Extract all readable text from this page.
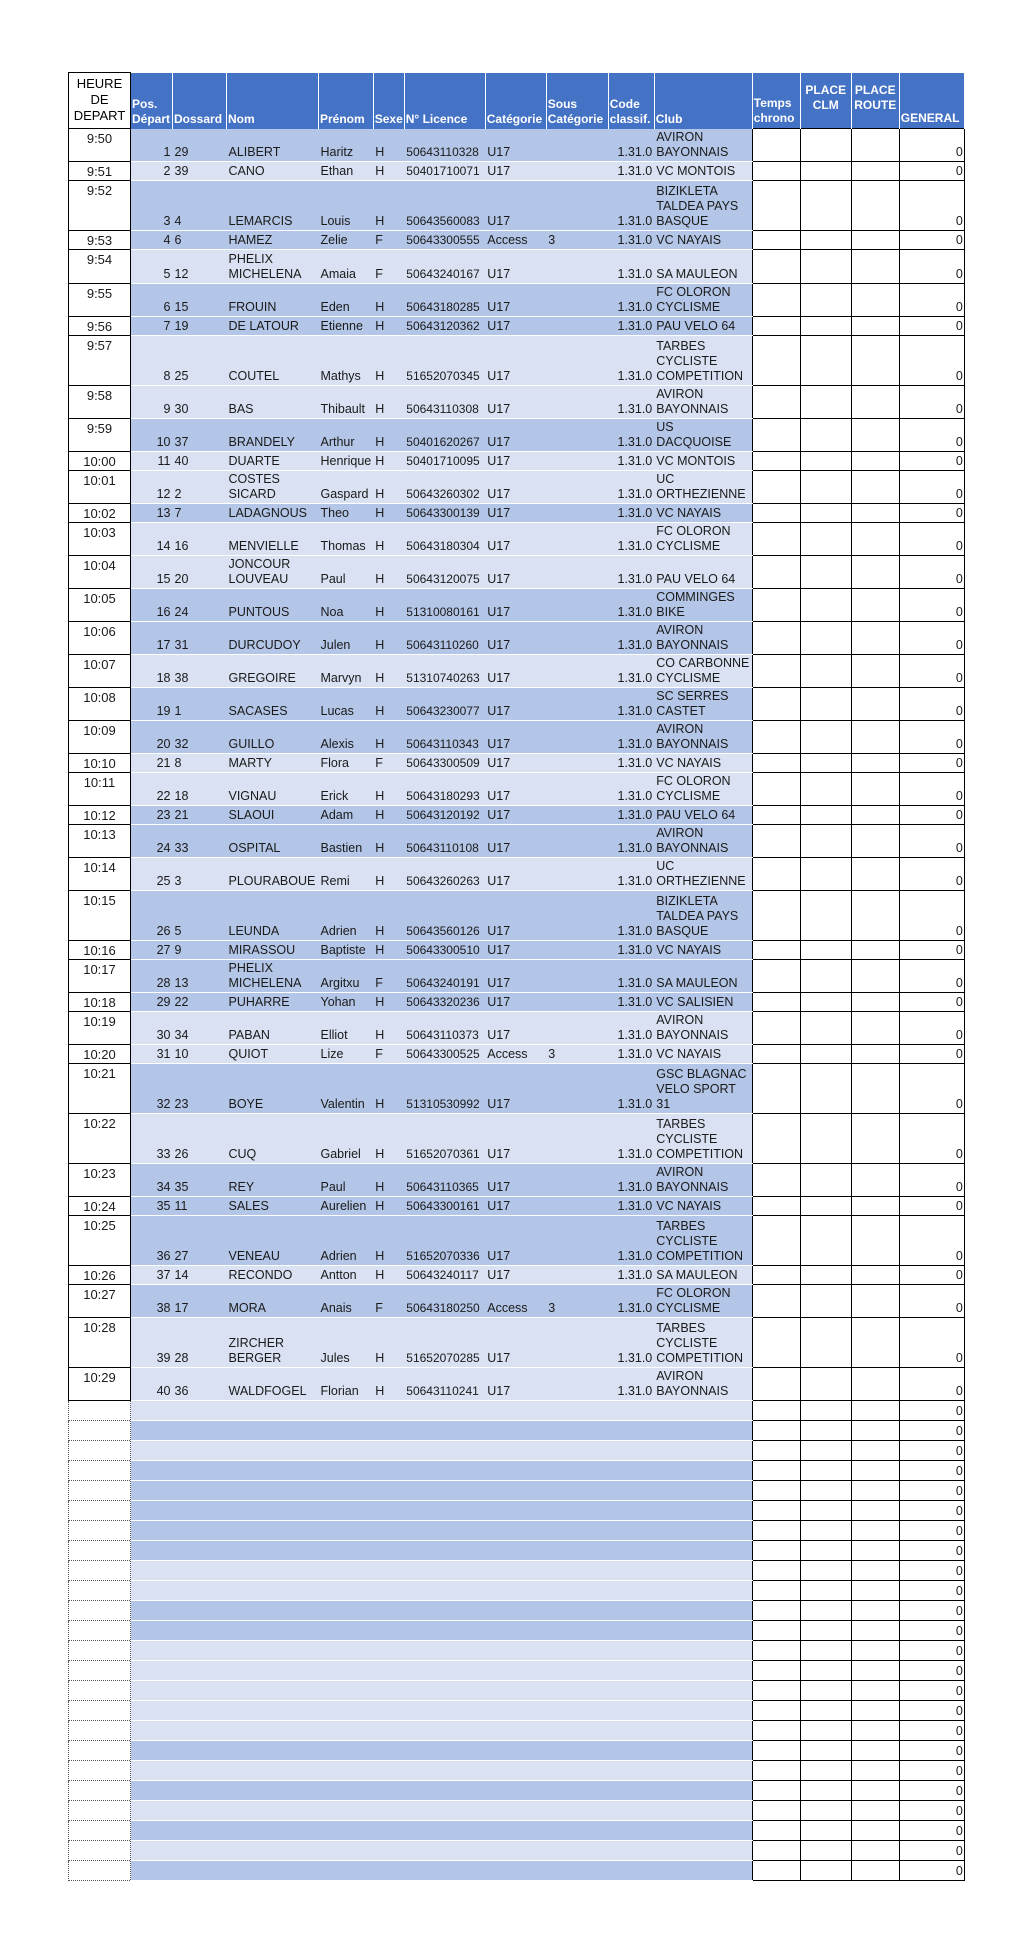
HEURE DE DEPART	Pos. Départ	Dossard	Nom	Prénom	Sexe	N° Licence	Catégorie	Sous Catégorie	Code classif.	Club	Temps chrono	PLACE CLM	PLACE ROUTE	GENERAL
9:50	1	29	ALIBERT	Haritz	H	50643110328	U17		1.31.0	AVIRON BAYONNAIS				0
9:51	2	39	CANO	Ethan	H	50401710071	U17		1.31.0	VC MONTOIS				0
9:52	3	4	LEMARCIS	Louis	H	50643560083	U17		1.31.0	BIZIKLETA TALDEA PAYS BASQUE				0
9:53	4	6	HAMEZ	Zelie	F	50643300555	Access	3	1.31.0	VC NAYAIS				0
9:54	5	12	PHELIX MICHELENA	Amaia	F	50643240167	U17		1.31.0	SA MAULEON				0
9:55	6	15	FROUIN	Eden	H	50643180285	U17		1.31.0	FC OLORON CYCLISME				0
9:56	7	19	DE LATOUR	Etienne	H	50643120362	U17		1.31.0	PAU VELO 64				0
9:57	8	25	COUTEL	Mathys	H	51652070345	U17		1.31.0	TARBES CYCLISTE COMPETITION				0
9:58	9	30	BAS	Thibault	H	50643110308	U17		1.31.0	AVIRON BAYONNAIS				0
9:59	10	37	BRANDELY	Arthur	H	50401620267	U17		1.31.0	US DACQUOISE				0
10:00	11	40	DUARTE	Henrique	H	50401710095	U17		1.31.0	VC MONTOIS				0
10:01	12	2	COSTES SICARD	Gaspard	H	50643260302	U17		1.31.0	UC ORTHEZIENNE				0
10:02	13	7	LADAGNOUS	Theo	H	50643300139	U17		1.31.0	VC NAYAIS				0
10:03	14	16	MENVIELLE	Thomas	H	50643180304	U17		1.31.0	FC OLORON CYCLISME				0
10:04	15	20	JONCOUR LOUVEAU	Paul	H	50643120075	U17		1.31.0	PAU VELO 64				0
10:05	16	24	PUNTOUS	Noa	H	51310080161	U17		1.31.0	COMMINGES BIKE				0
10:06	17	31	DURCUDOY	Julen	H	50643110260	U17		1.31.0	AVIRON BAYONNAIS				0
10:07	18	38	GREGOIRE	Marvyn	H	51310740263	U17		1.31.0	CO CARBONNE CYCLISME				0
10:08	19	1	SACASES	Lucas	H	50643230077	U17		1.31.0	SC SERRES CASTET				0
10:09	20	32	GUILLO	Alexis	H	50643110343	U17		1.31.0	AVIRON BAYONNAIS				0
10:10	21	8	MARTY	Flora	F	50643300509	U17		1.31.0	VC NAYAIS				0
10:11	22	18	VIGNAU	Erick	H	50643180293	U17		1.31.0	FC OLORON CYCLISME				0
10:12	23	21	SLAOUI	Adam	H	50643120192	U17		1.31.0	PAU VELO 64				0
10:13	24	33	OSPITAL	Bastien	H	50643110108	U17		1.31.0	AVIRON BAYONNAIS				0
10:14	25	3	PLOURABOUE	Remi	H	50643260263	U17		1.31.0	UC ORTHEZIENNE				0
10:15	26	5	LEUNDA	Adrien	H	50643560126	U17		1.31.0	BIZIKLETA TALDEA PAYS BASQUE				0
10:16	27	9	MIRASSOU	Baptiste	H	50643300510	U17		1.31.0	VC NAYAIS				0
10:17	28	13	PHELIX MICHELENA	Argitxu	F	50643240191	U17		1.31.0	SA MAULEON				0
10:18	29	22	PUHARRE	Yohan	H	50643320236	U17		1.31.0	VC SALISIEN				0
10:19	30	34	PABAN	Elliot	H	50643110373	U17		1.31.0	AVIRON BAYONNAIS				0
10:20	31	10	QUIOT	Lize	F	50643300525	Access	3	1.31.0	VC NAYAIS				0
10:21	32	23	BOYE	Valentin	H	51310530992	U17		1.31.0	GSC BLAGNAC VELO SPORT 31				0
10:22	33	26	CUQ	Gabriel	H	51652070361	U17		1.31.0	TARBES CYCLISTE COMPETITION				0
10:23	34	35	REY	Paul	H	50643110365	U17		1.31.0	AVIRON BAYONNAIS				0
10:24	35	11	SALES	Aurelien	H	50643300161	U17		1.31.0	VC NAYAIS				0
10:25	36	27	VENEAU	Adrien	H	51652070336	U17		1.31.0	TARBES CYCLISTE COMPETITION				0
10:26	37	14	RECONDO	Antton	H	50643240117	U17		1.31.0	SA MAULEON				0
10:27	38	17	MORA	Anais	F	50643180250	Access	3	1.31.0	FC OLORON CYCLISME				0
10:28	39	28	ZIRCHER BERGER	Jules	H	51652070285	U17		1.31.0	TARBES CYCLISTE COMPETITION				0
10:29	40	36	WALDFOGEL	Florian	H	50643110241	U17		1.31.0	AVIRON BAYONNAIS				0
														0
														0
														0
														0
														0
														0
														0
														0
														0
														0
														0
														0
														0
														0
														0
														0
														0
														0
														0
														0
														0
														0
														0
														0
